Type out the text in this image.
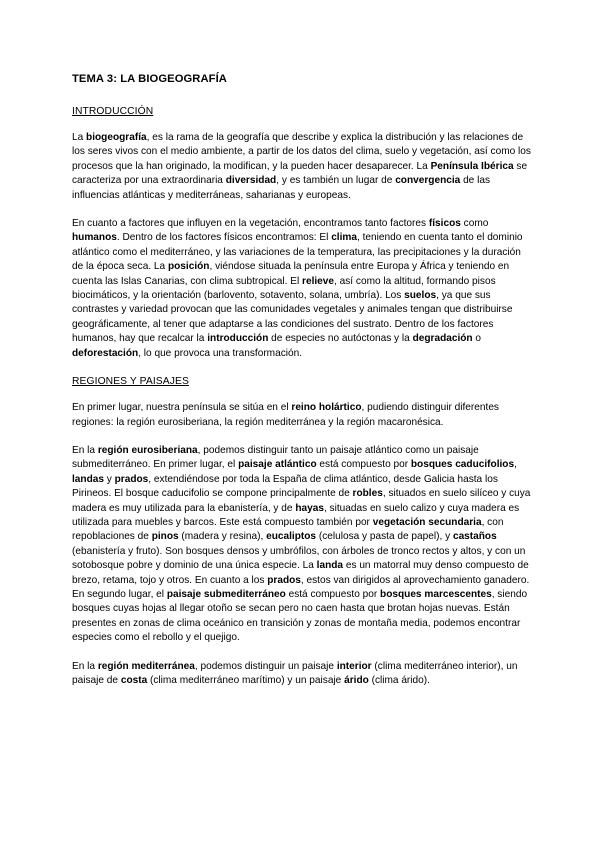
TEMA 3: LA BIOGEOGRAFÍA
INTRODUCCIÓN

La biogeografía, es la rama de la geografía que describe y explica la distribución y las relaciones de los seres vivos con el medio ambiente, a partir de los datos del clima, suelo y vegetación, así como los procesos que la han originado, la modifican, y la pueden hacer desaparecer. La Península Ibérica se caracteriza por una extraordinaria diversidad, y es también un lugar de convergencia de las influencias atlánticas y mediterráneas, saharianas y europeas.

En cuanto a factores que influyen en la vegetación, encontramos tanto factores físicos como humanos. Dentro de los factores físicos encontramos: El clima, teniendo en cuenta tanto el dominio atlántico como el mediterráneo, y las variaciones de la temperatura, las precipitaciones y la duración de la época seca. La posición, viéndose situada la península entre Europa y África y teniendo en cuenta las Islas Canarias, con clima subtropical. El relieve, así como la altitud, formando pisos biocimáticos, y la orientación (barlovento, sotavento, solana, umbría). Los suelos, ya que sus contrastes y variedad provocan que las comunidades vegetales y animales tengan que distribuirse geográficamente, al tener que adaptarse a las condiciones del sustrato. Dentro de los factores humanos, hay que recalcar la introducción de especies no autóctonas y la degradación o deforestación, lo que provoca una transformación.

REGIONES Y PAISAJES

En primer lugar, nuestra península se sitúa en el reino holártico, pudiendo distinguir diferentes regiones: la región eurosiberiana, la región mediterránea y la región macaronésica.

En la región eurosiberiana, podemos distinguir tanto un paisaje atlántico como un paisaje submediterráneo. En primer lugar, el paisaje atlántico está compuesto por bosques caducifolios, landas y prados, extendiéndose por toda la España de clima atlántico, desde Galicia hasta los Pirineos. El bosque caducifolio se compone principalmente de robles, situados en suelo silíceo y cuya madera es muy utilizada para la ebanistería, y de hayas, situadas en suelo calizo y cuya madera es utilizada para muebles y barcos. Este está compuesto también por vegetación secundaria, con repoblaciones de pinos (madera y resina), eucaliptos (celulosa y pasta de papel), y castaños (ebanistería y fruto). Son bosques densos y umbrófilos, con árboles de tronco rectos y altos, y con un sotobosque pobre y dominio de una única especie. La landa es un matorral muy denso compuesto de brezo, retama, tojo y otros. En cuanto a los prados, estos van dirigidos al aprovechamiento ganadero. En segundo lugar, el paisaje submediterráneo está compuesto por bosques marcescentes, siendo bosques cuyas hojas al llegar otoño se secan pero no caen hasta que brotan hojas nuevas. Están presentes en zonas de clima oceánico en transición y zonas de montaña media, podemos encontrar especies como el rebollo y el quejigo.

En la región mediterránea, podemos distinguir un paisaje interior (clima mediterráneo interior), un paisaje de costa (clima mediterráneo marítimo) y un paisaje árido (clima árido).
